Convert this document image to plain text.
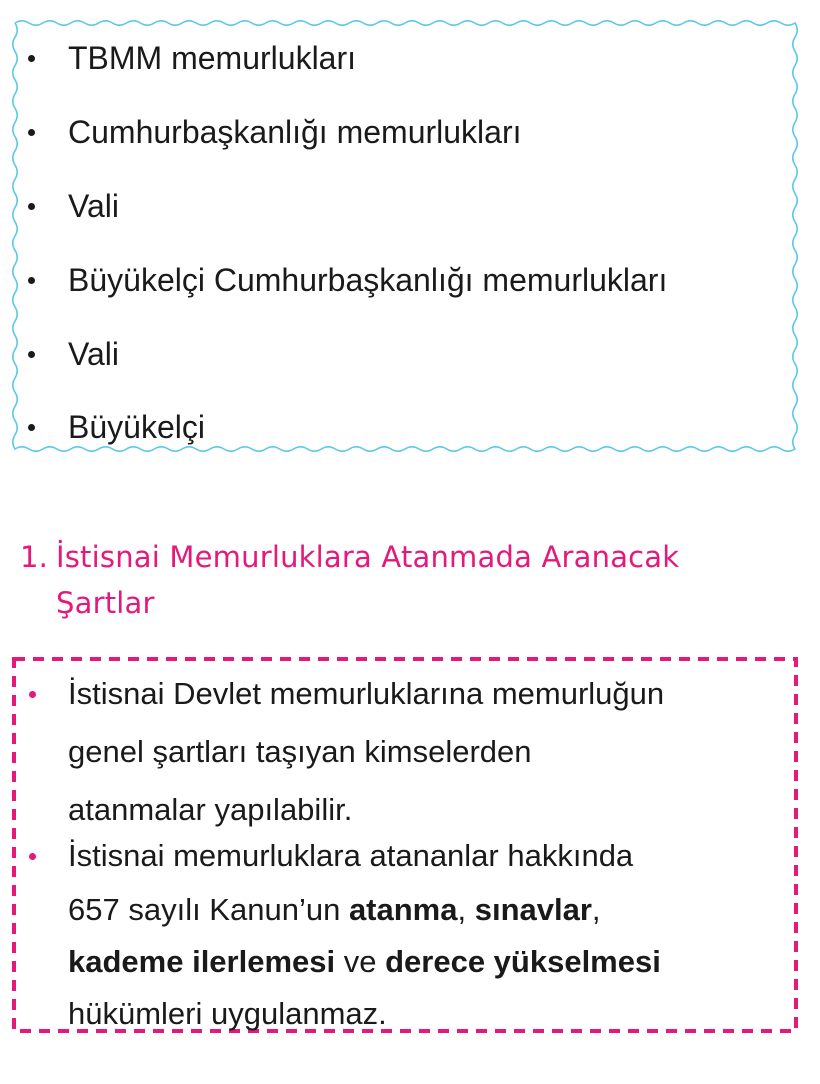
TBMM memurlukları
Cumhurbaşkanlığı memurlukları
Vali
Büyükelçi Cumhurbaşkanlığı memurlukları
Vali
Büyükelçi
1. İstisnai Memurluklara Atanmada Aranacak
Şartlar
İstisnai Devlet memurluklarına memurluğun
genel şartları taşıyan kimselerden
atanmalar yapılabilir.
İstisnai memurluklara atananlar hakkında
657 sayılı Kanun’un atanma, sınavlar,
kademe ilerlemesi ve derece yükselmesi
hükümleri uygulanmaz.
